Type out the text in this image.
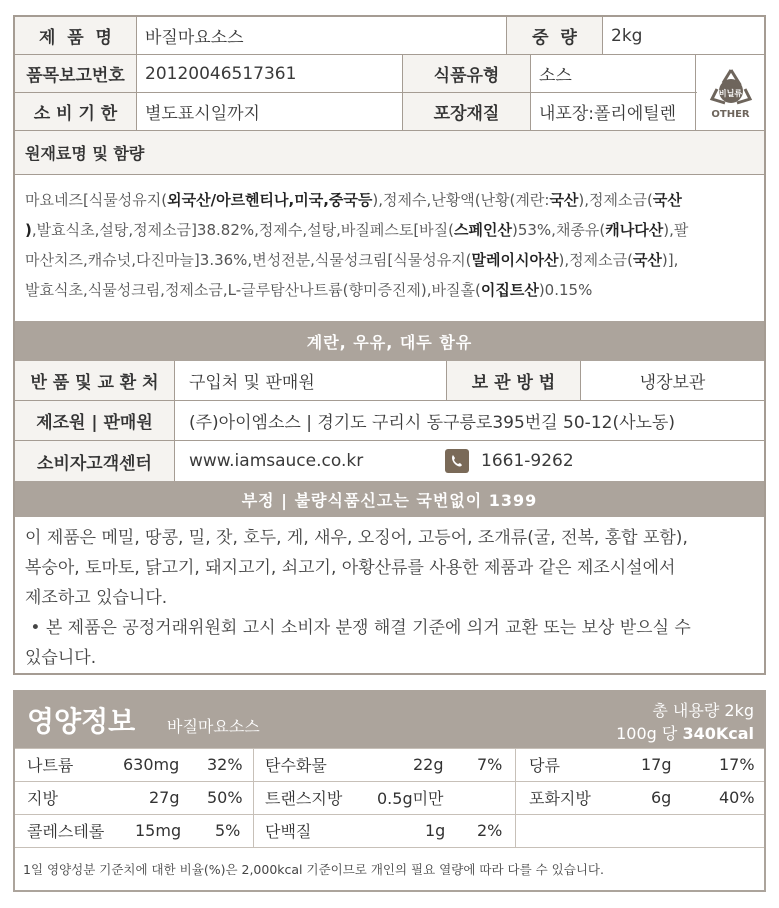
제  품  명	바질마요소스	중  량	2kg
품목보고번호	20120046517361	식품유형	소스
소 비 기 한	별도표시일까지	포장재질	내포장:폴리에틸렌
비닐류
OTHER
원재료명 및 함량
마요네즈[식물성유지(외국산/아르헨티나,미국,중국등),정제수,난황액(난황(계란:국산),정제소금(국산
),발효식초,설탕,정제소금]38.82%,정제수,설탕,바질페스토[바질(스페인산)53%,채종유(캐나다산),팔
마산치즈,캐슈넛,다진마늘]3.36%,변성전분,식물성크림[식물성유지(말레이시아산),정제소금(국산)],
발효식초,식물성크림,정제소금,L-글루탐산나트륨(향미증진제),바질홀(이집트산)0.15%
계란, 우유, 대두 함유
반 품 및 교 환 처	구입처 및 판매원	보 관 방 법	냉장보관
제조원 | 판매원	(주)아이엠소스 | 경기도 구리시 동구릉로395번길 50-12(사노동)
소비자고객센터	www.iamsauce.co.kr	1661-9262
부정 | 불량식품신고는 국번없이 1399
이 제품은 메밀, 땅콩, 밀, 잣, 호두, 게, 새우, 오징어, 고등어, 조개류(굴, 전복, 홍합 포함),
복숭아, 토마토, 닭고기, 돼지고기, 쇠고기, 아황산류를 사용한 제품과 같은 제조시설에서
제조하고 있습니다.
• 본 제품은 공정거래위원회 고시 소비자 분쟁 해결 기준에 의거 교환 또는 보상 받으실 수
있습니다.
영양정보 바질마요소스
총 내용량 2kg
100g 당 340Kcal
나트륨	630mg 32% 탄수화물	22g 7% 당류	17g	17%
지방	27g 50% 트랜스지방 0.5g미만	포화지방	6g	40%
콜레스테롤 15mg 5% 단백질	1g 2%
1일 영양성분 기준치에 대한 비율(%)은 2,000kcal 기준이므로 개인의 필요 열량에 따라 다를 수 있습니다.
